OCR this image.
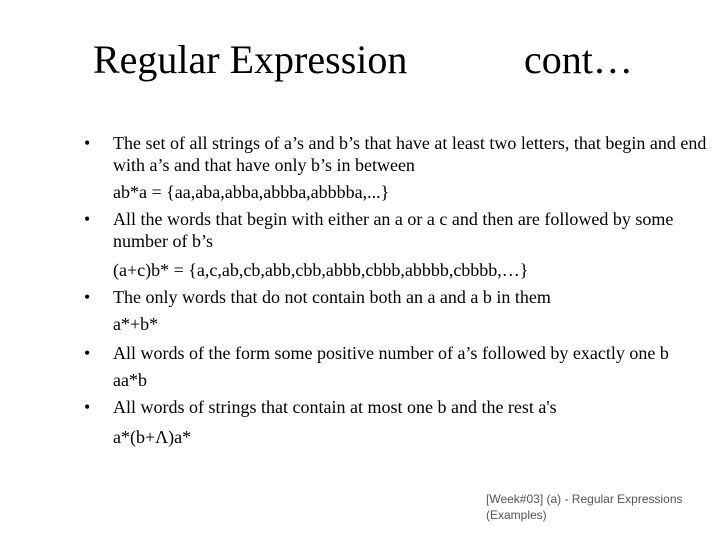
Regular Expression	cont…
• The set of all strings of a’s and b’s that have at least two letters, that begin and end with a’s and that have only b’s in between
ab*a = {aa,aba,abba,abbba,abbbba,...}
• All the words that begin with either an a or a c and then are followed by some number of b’s
(a+c)b* = {a,c,ab,cb,abb,cbb,abbb,cbbb,abbbb,cbbbb,…}
• The only words that do not contain both an a and a b in them
a*+b*
• All words of the form some positive number of a’s followed by exactly one b
aa*b
• All words of strings that contain at most one b and the rest a's
a*(b+Λ)a*
[Week#03] (a) - Regular Expressions (Examples)
